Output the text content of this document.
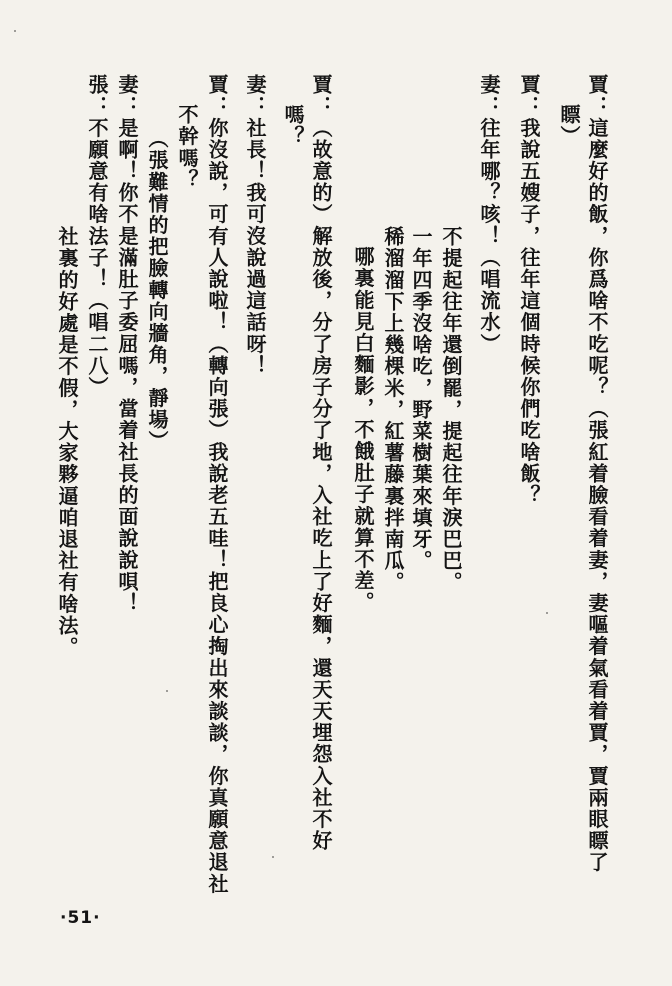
賈：這麼好的飯，你爲啥不吃呢？（張紅着臉看着妻，妻嘔着氣看着賈，賈兩眼瞟了
瞟）
賈：我說五嫂子，往年這個時候你們吃啥飯？
妻：往年哪？咳！（唱流水）
不提起往年還倒罷，提起往年淚巴巴。
一年四季沒啥吃，野菜樹葉來填牙。
稀溜溜下上幾棵米，紅薯藤裏拌南瓜。
哪裏能見白麵影，不餓肚子就算不差。
賈：（故意的）解放後，分了房子分了地，入社吃上了好麵，還天天埋怨入社不好
嗎？
妻：社長！我可沒說過這話呀！
賈：你沒說，可有人說啦！（轉向張）我說老五哇！把良心掏出來談談，你真願意退社
不幹嗎？
（張難情的把臉轉向牆角，靜場）
妻：是啊！你不是滿肚子委屈嗎，當着社長的面說說唄！
張：不願意有啥法子！（唱二八）
社裏的好處是不假，大家夥逼咱退社有啥法。
·51·
